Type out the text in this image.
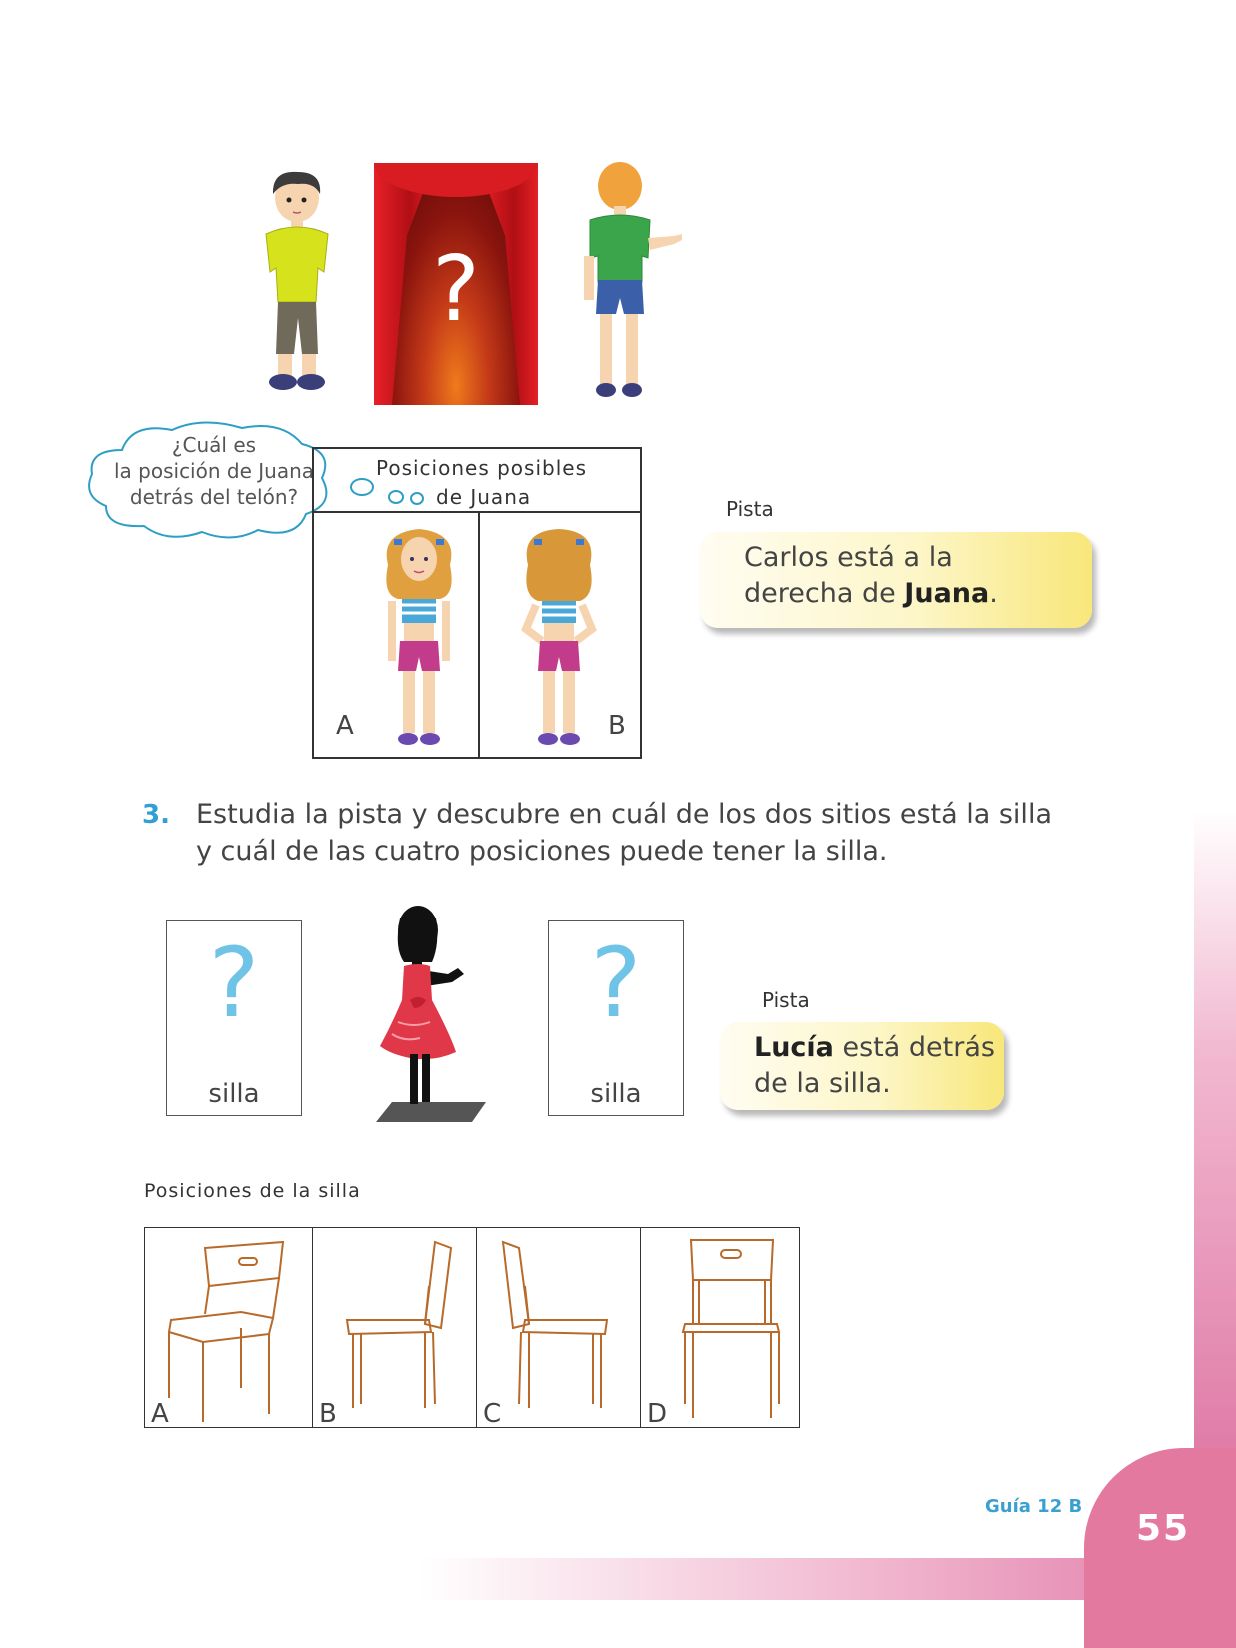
55
Guía 12 B
?
¿Cuál es
la posición de Juana
detrás del telón?
Posiciones posibles
de Juana
A	B
Pista
Carlos está a la
derecha de Juana.
3. Estudia la pista y descubre en cuál de los dos sitios está la silla
y cuál de las cuatro posiciones puede tener la silla.
?
silla
?
silla
Pista
Lucía está detrás
de la silla.
Posiciones de la silla
A	B	C	D
